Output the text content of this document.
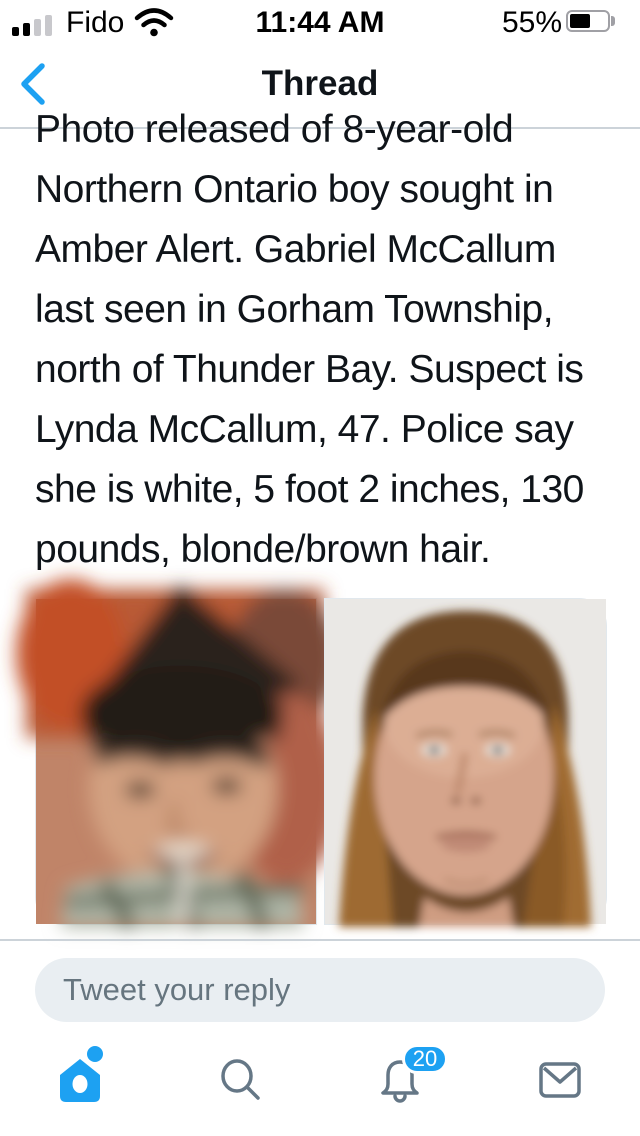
Fido	11:44 AM	55%
Thread
Photo released of 8-year-old
Northern Ontario boy sought in
Amber Alert. Gabriel McCallum
last seen in Gorham Township,
north of Thunder Bay. Suspect is
Lynda McCallum, 47. Police say
she is white, 5 foot 2 inches, 130
pounds, blonde/brown hair.
Tweet your reply
20
